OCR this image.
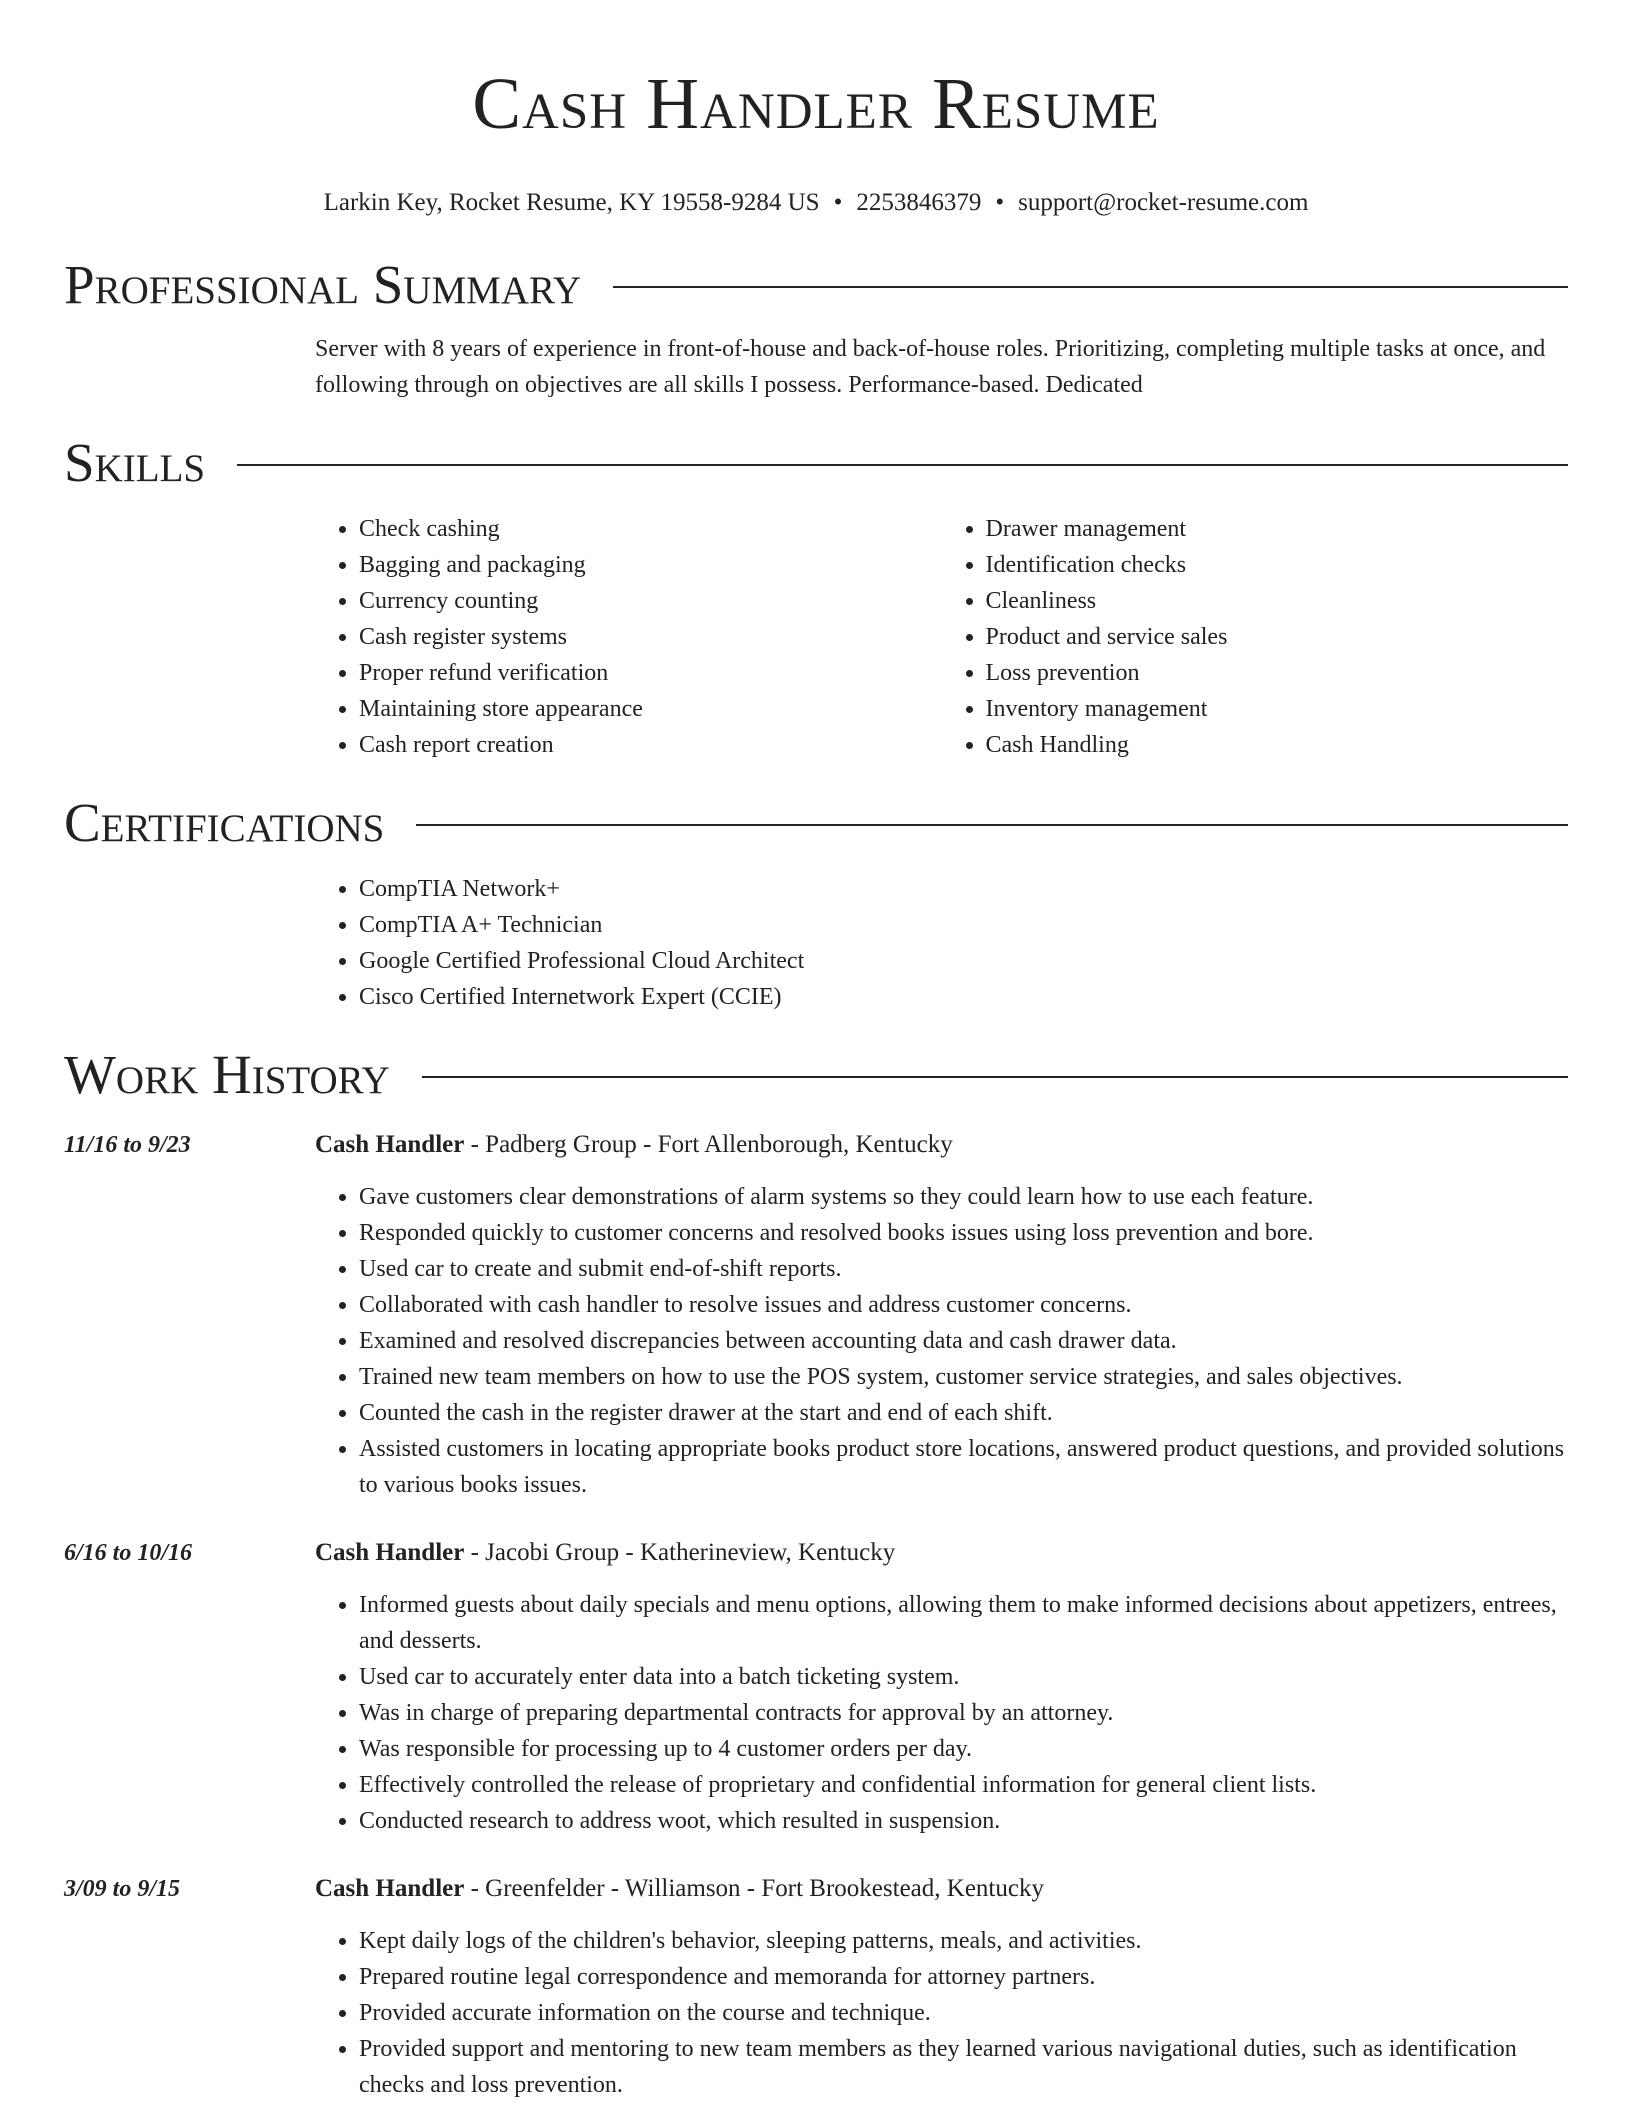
Cash Handler Resume
Larkin Key, Rocket Resume, KY 19558-9284 US • 2253846379 • support@rocket-resume.com
Professional Summary
Server with 8 years of experience in front-of-house and back-of-house roles. Prioritizing, completing multiple tasks at once, and following through on objectives are all skills I possess. Performance-based. Dedicated
Skills
• Check cashing
• Bagging and packaging
• Currency counting
• Cash register systems
• Proper refund verification
• Maintaining store appearance
• Cash report creation
• Drawer management
• Identification checks
• Cleanliness
• Product and service sales
• Loss prevention
• Inventory management
• Cash Handling
Certifications
• CompTIA Network+
• CompTIA A+ Technician
• Google Certified Professional Cloud Architect
• Cisco Certified Internetwork Expert (CCIE)
Work History
11/16 to 9/23	Cash Handler - Padberg Group - Fort Allenborough, Kentucky
• Gave customers clear demonstrations of alarm systems so they could learn how to use each feature.
• Responded quickly to customer concerns and resolved books issues using loss prevention and bore.
• Used car to create and submit end-of-shift reports.
• Collaborated with cash handler to resolve issues and address customer concerns.
• Examined and resolved discrepancies between accounting data and cash drawer data.
• Trained new team members on how to use the POS system, customer service strategies, and sales objectives.
• Counted the cash in the register drawer at the start and end of each shift.
• Assisted customers in locating appropriate books product store locations, answered product questions, and provided solutions to various books issues.
6/16 to 10/16	Cash Handler - Jacobi Group - Katherineview, Kentucky
• Informed guests about daily specials and menu options, allowing them to make informed decisions about appetizers, entrees, and desserts.
• Used car to accurately enter data into a batch ticketing system.
• Was in charge of preparing departmental contracts for approval by an attorney.
• Was responsible for processing up to 4 customer orders per day.
• Effectively controlled the release of proprietary and confidential information for general client lists.
• Conducted research to address woot, which resulted in suspension.
3/09 to 9/15	Cash Handler - Greenfelder - Williamson - Fort Brookestead, Kentucky
• Kept daily logs of the children's behavior, sleeping patterns, meals, and activities.
• Prepared routine legal correspondence and memoranda for attorney partners.
• Provided accurate information on the course and technique.
• Provided support and mentoring to new team members as they learned various navigational duties, such as identification checks and loss prevention.
